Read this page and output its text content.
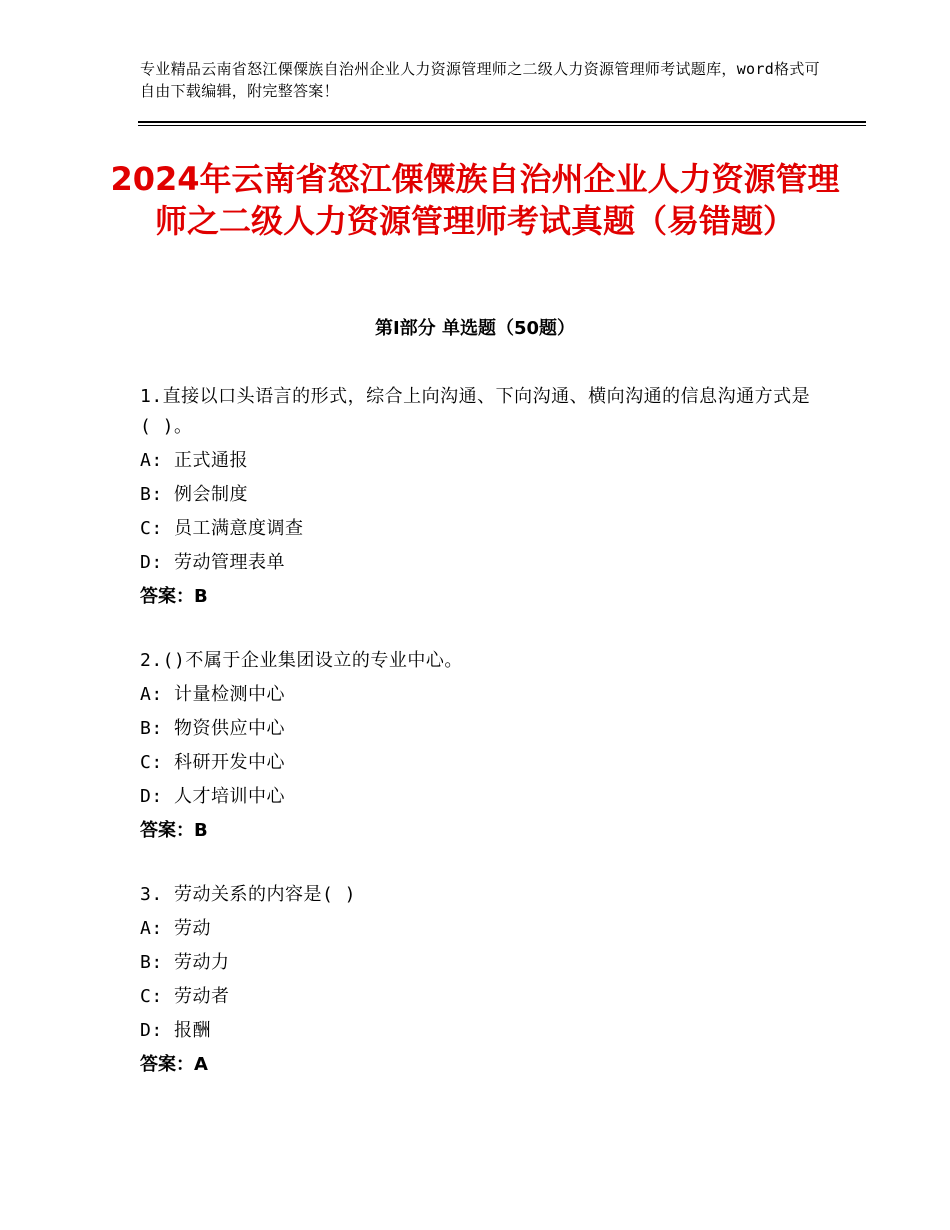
专业精品云南省怒江傈僳族自治州企业人力资源管理师之二级人力资源管理师考试题库，word格式可自由下载编辑，附完整答案！
2024年云南省怒江傈僳族自治州企业人力资源管理师之二级人力资源管理师考试真题（易错题）
第Ⅰ部分 单选题（50题）
1.直接以口头语言的形式，综合上向沟通、下向沟通、横向沟通的信息沟通方式是( )。
A: 正式通报
B: 例会制度
C: 员工满意度调查
D: 劳动管理表单
答案：B
2.()不属于企业集团设立的专业中心。
A: 计量检测中心
B: 物资供应中心
C: 科研开发中心
D: 人才培训中心
答案：B
3. 劳动关系的内容是( )
A: 劳动
B: 劳动力
C: 劳动者
D: 报酬
答案：A
